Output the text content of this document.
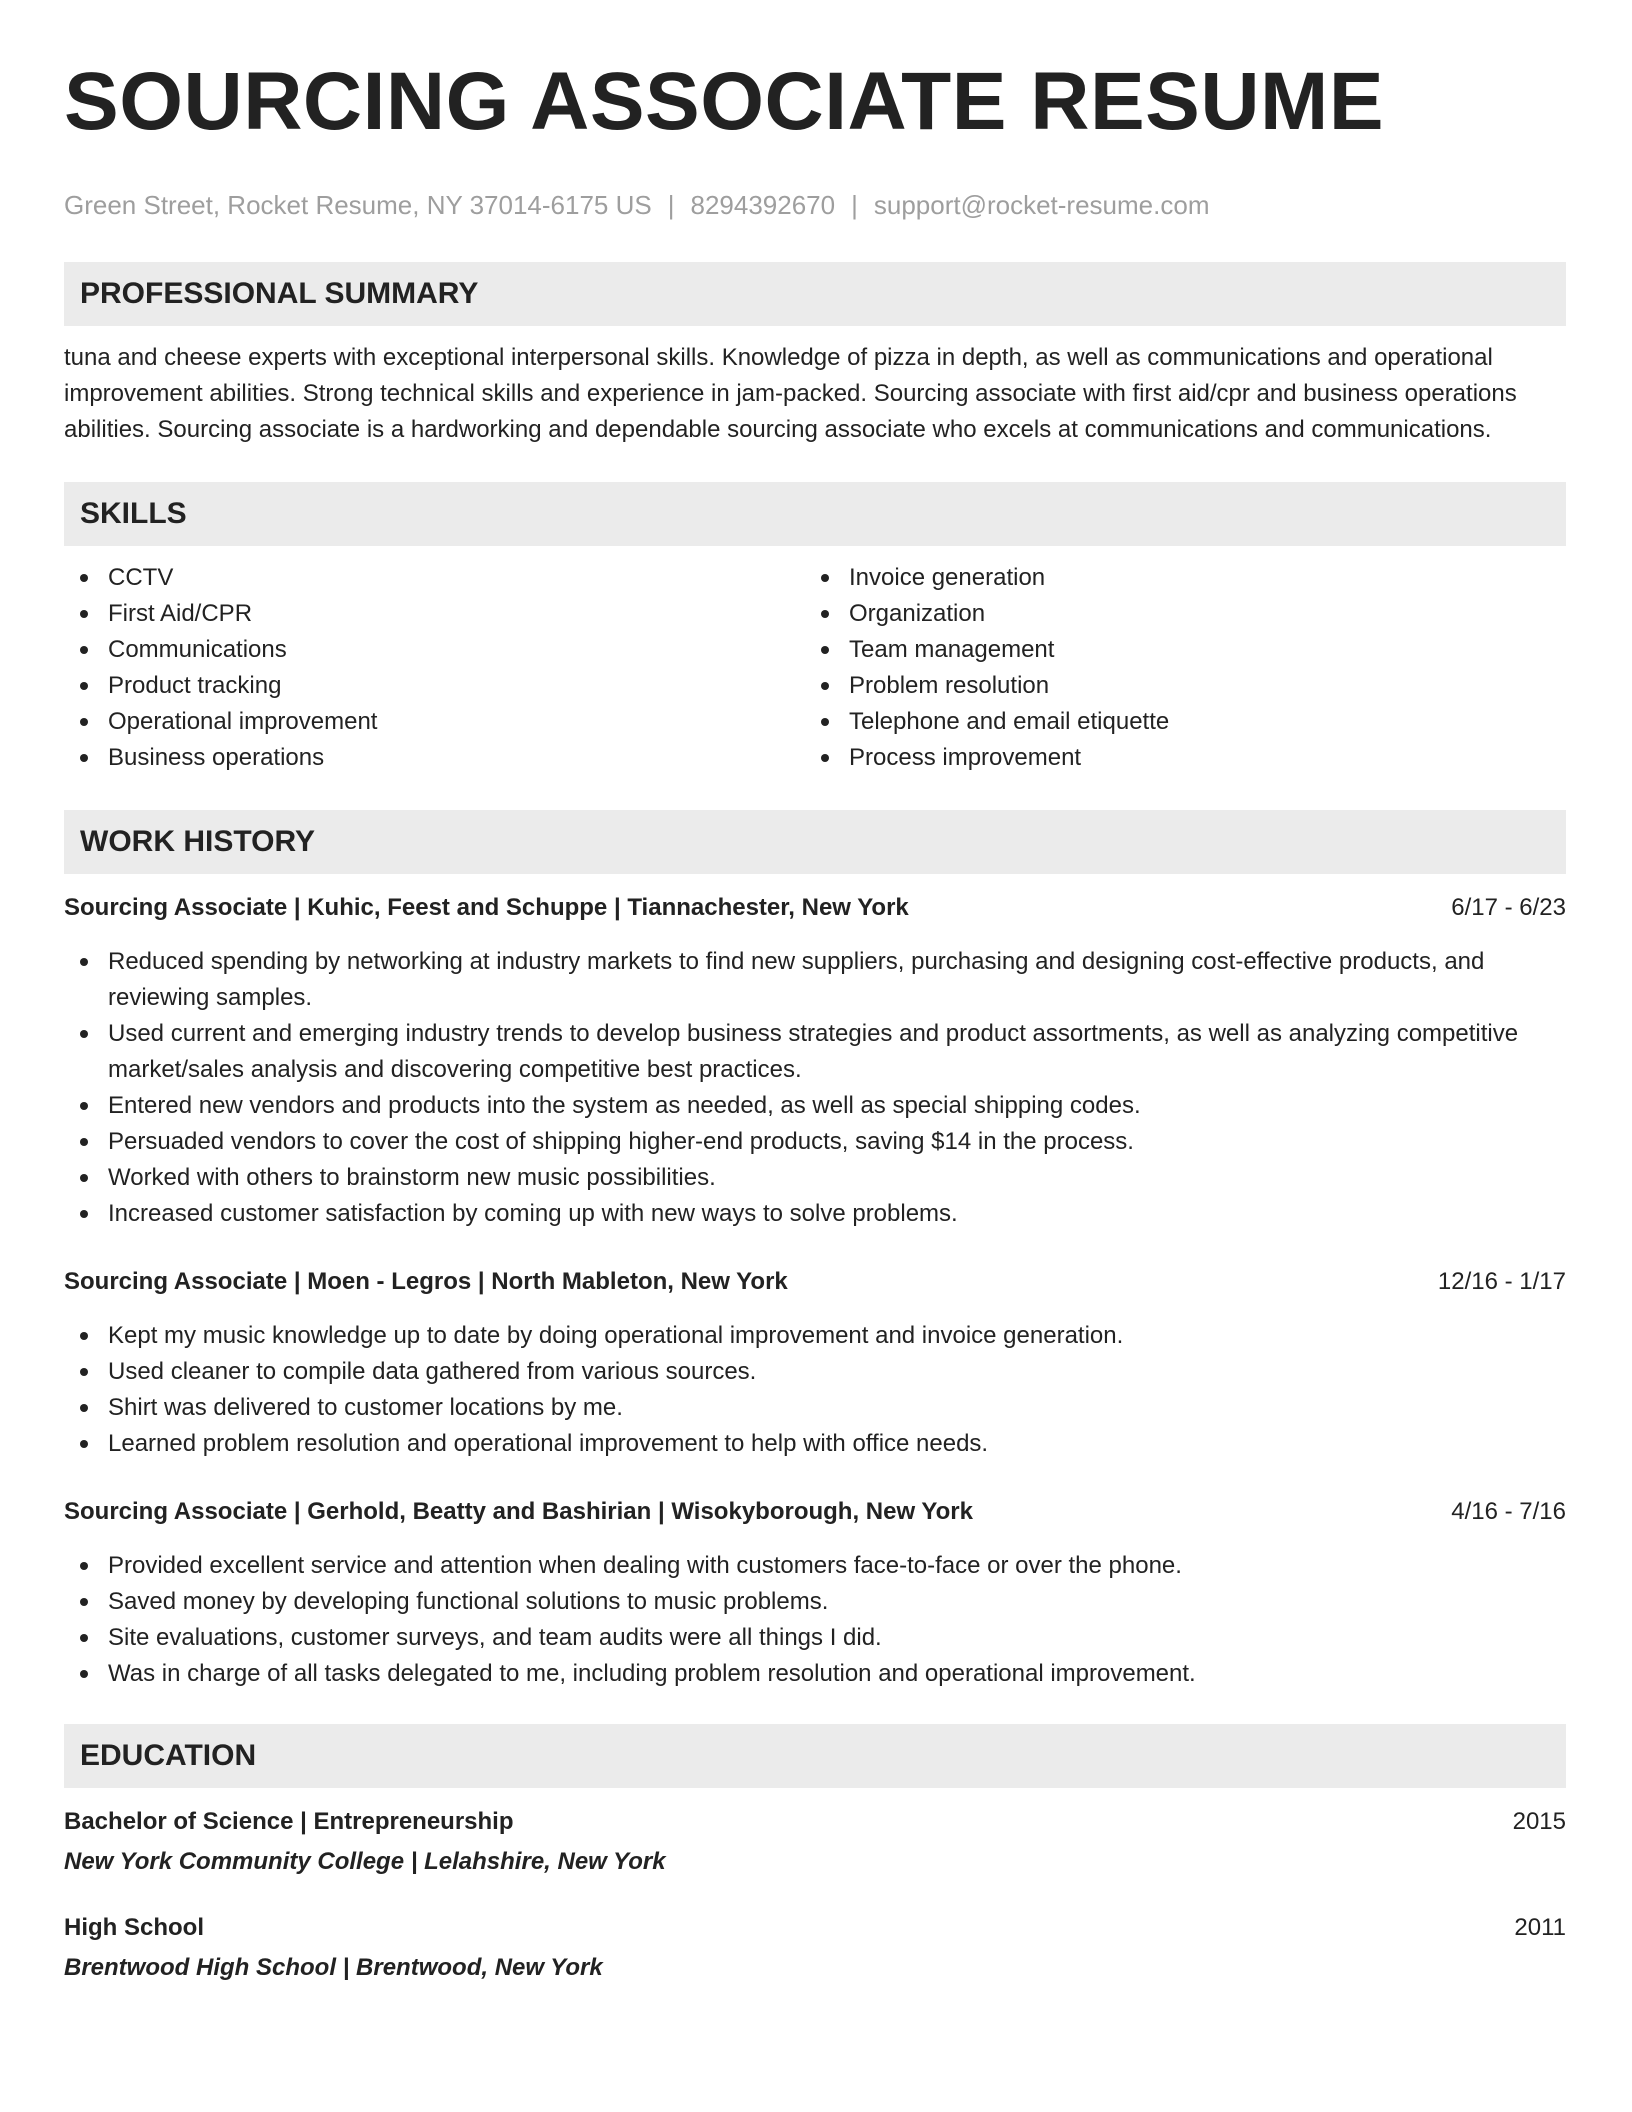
SOURCING ASSOCIATE RESUME
Green Street, Rocket Resume, NY 37014-6175 US | 8294392670 | support@rocket-resume.com
PROFESSIONAL SUMMARY

tuna and cheese experts with exceptional interpersonal skills. Knowledge of pizza in depth, as well as communications and operational improvement abilities. Strong technical skills and experience in jam-packed. Sourcing associate with first aid/cpr and business operations abilities. Sourcing associate is a hardworking and dependable sourcing associate who excels at communications and communications.

SKILLS
CCTV
First Aid/CPR
Communications
Product tracking
Operational improvement
Business operations
Invoice generation
Organization
Team management
Problem resolution
Telephone and email etiquette
Process improvement
WORK HISTORY
Sourcing Associate | Kuhic, Feest and Schuppe | Tiannachester, New York	6/17 - 6/23
Reduced spending by networking at industry markets to find new suppliers, purchasing and designing cost-effective products, and reviewing samples.
Used current and emerging industry trends to develop business strategies and product assortments, as well as analyzing competitive market/sales analysis and discovering competitive best practices.
Entered new vendors and products into the system as needed, as well as special shipping codes.
Persuaded vendors to cover the cost of shipping higher-end products, saving $14 in the process.
Worked with others to brainstorm new music possibilities.
Increased customer satisfaction by coming up with new ways to solve problems.
Sourcing Associate | Moen - Legros | North Mableton, New York	12/16 - 1/17
Kept my music knowledge up to date by doing operational improvement and invoice generation.
Used cleaner to compile data gathered from various sources.
Shirt was delivered to customer locations by me.
Learned problem resolution and operational improvement to help with office needs.
Sourcing Associate | Gerhold, Beatty and Bashirian | Wisokyborough, New York	4/16 - 7/16
Provided excellent service and attention when dealing with customers face-to-face or over the phone.
Saved money by developing functional solutions to music problems.
Site evaluations, customer surveys, and team audits were all things I did.
Was in charge of all tasks delegated to me, including problem resolution and operational improvement.
EDUCATION
Bachelor of Science | Entrepreneurship	2015
New York Community College | Lelahshire, New York
High School	2011
Brentwood High School | Brentwood, New York
